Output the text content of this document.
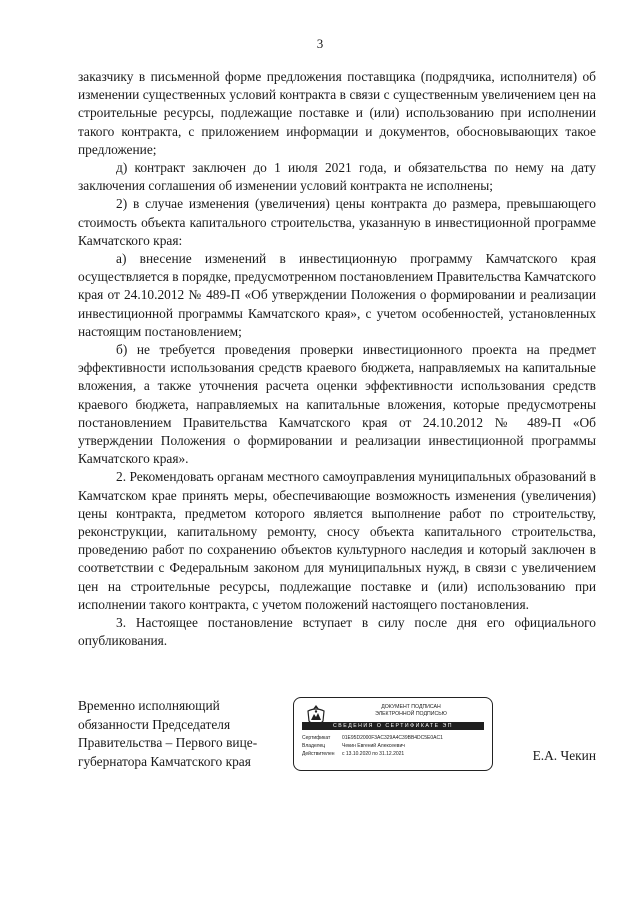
3

заказчику в письменной форме предложения поставщика (подрядчика, исполнителя) об изменении существенных условий контракта в связи с существенным увеличением цен на строительные ресурсы, подлежащие поставке и (или) использованию при исполнении такого контракта, с приложением информации и документов, обосновывающих такое предложение;

д) контракт заключен до 1 июля 2021 года, и обязательства по нему на дату заключения соглашения об изменении условий контракта не исполнены;

2) в случае изменения (увеличения) цены контракта до размера, превышающего стоимость объекта капитального строительства, указанную в инвестиционной программе Камчатского края:

а) внесение изменений в инвестиционную программу Камчатского края осуществляется в порядке, предусмотренном постановлением Правительства Камчатского края от 24.10.2012 № 489-П «Об утверждении Положения о формировании и реализации инвестиционной программы Камчатского края», с учетом особенностей, установленных настоящим постановлением;

б) не требуется проведения проверки инвестиционного проекта на предмет эффективности использования средств краевого бюджета, направляемых на капитальные вложения, а также уточнения расчета оценки эффективности использования средств краевого бюджета, направляемых на капитальные вложения, которые предусмотрены постановлением Правительства Камчатского края от 24.10.2012 № 489-П «Об утверждении Положения о формировании и реализации инвестиционной программы Камчатского края».

2. Рекомендовать органам местного самоуправления муниципальных образований в Камчатском крае принять меры, обеспечивающие возможность изменения (увеличения) цены контракта, предметом которого является выполнение работ по строительству, реконструкции, капитальному ремонту, сносу объекта капитального строительства, проведению работ по сохранению объектов культурного наследия и который заключен в соответствии с Федеральным законом для муниципальных нужд, в связи с увеличением цен на строительные ресурсы, подлежащие поставке и (или) использованию при исполнении такого контракта, с учетом положений настоящего постановления.

3. Настоящее постановление вступает в силу после дня его официального опубликования.

Временно исполняющий
обязанности Председателя
Правительства – Первого вице-
губернатора Камчатского края
ДОКУМЕНТ ПОДПИСАН
ЭЛЕКТРОННОЙ ПОДПИСЬЮ
СВЕДЕНИЯ О СЕРТИФИКАТЕ ЭП
Сертификат	01E95D2000F3AC329A4C39BB4DC5E0AC1
Владелец	Чекин Евгений Алексеевич
Действителен	с 13.10.2020 по 31.12.2021	Е.А. Чекин
